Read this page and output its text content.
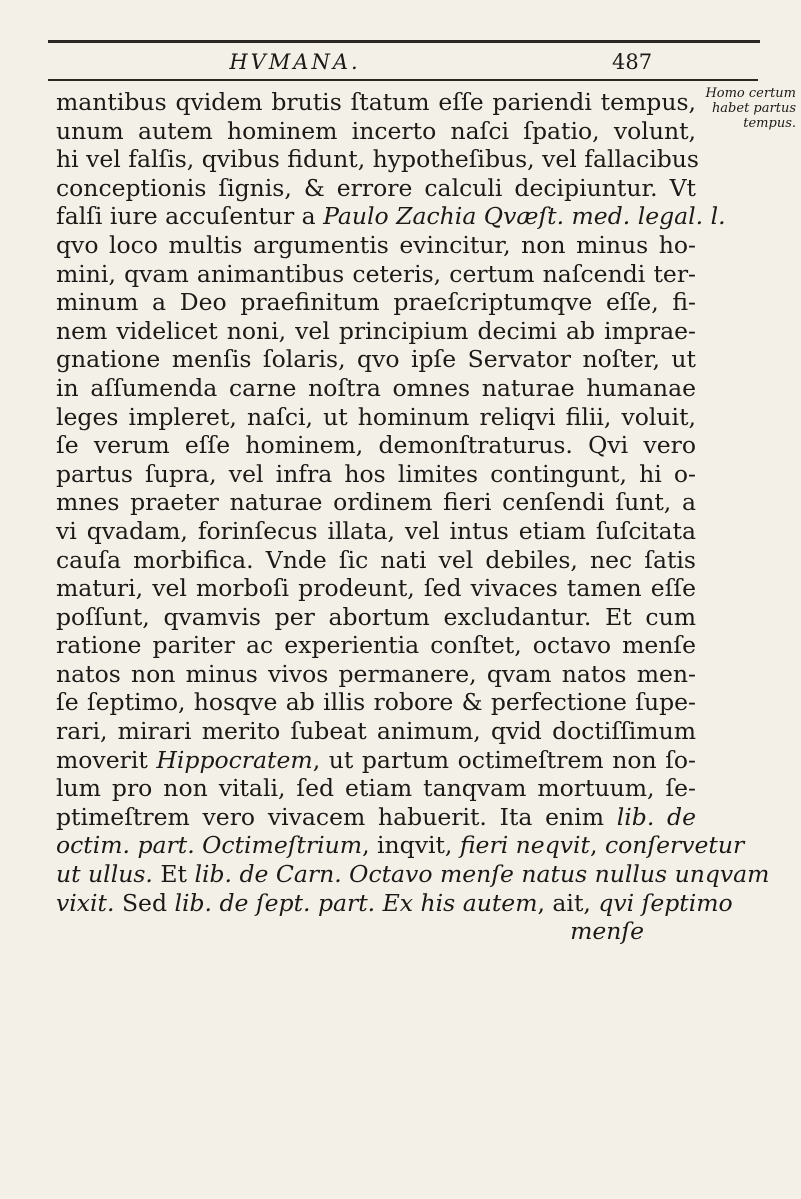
HVMANA.	487
Homo certum
habet partus
tempus.
mantibus qvidem brutis ſtatum eſſe pariendi tempus,
unum autem hominem incerto naſci ſpatio, volunt,
hi vel falſis, qvibus fidunt, hypotheſibus, vel fallacibus
conceptionis ſignis, & errore calculi decipiuntur. Vt
falſi iure accuſentur a Paulo Zachia Qvæſt. med. legal. l.
qvo loco multis argumentis evincitur, non minus ho-
mini, qvam animantibus ceteris, certum naſcendi ter-
minum a Deo praefinitum praeſcriptumqve eſſe, fi-
nem videlicet noni, vel principium decimi ab imprae-
gnatione menſis ſolaris, qvo ipſe Servator noſter, ut
in aſſumenda carne noſtra omnes naturae humanae
leges impleret, naſci, ut hominum reliqvi filii, voluit,
ſe verum eſſe hominem, demonſtraturus. Qvi vero
partus ſupra, vel infra hos limites contingunt, hi o-
mnes praeter naturae ordinem fieri cenſendi ſunt, a
vi qvadam, forinſecus illata, vel intus etiam ſuſcitata
cauſa morbifica. Vnde ſic nati vel debiles, nec ſatis
maturi, vel morboſi prodeunt, ſed vivaces tamen eſſe
poſſunt, qvamvis per abortum excludantur. Et cum
ratione pariter ac experientia conſtet, octavo menſe
natos non minus vivos permanere, qvam natos men-
ſe ſeptimo, hosqve ab illis robore & perfectione ſupe-
rari, mirari merito ſubeat animum, qvid doctiſſimum
moverit Hippocratem, ut partum octimeſtrem non ſo-
lum pro non vitali, ſed etiam tanqvam mortuum, ſe-
ptimeſtrem vero vivacem habuerit. Ita enim lib. de
octim. part. Octimeſtrium, inqvit, fieri neqvit, conſervetur
ut ullus. Et lib. de Carn. Octavo menſe natus nullus unqvam
vixit. Sed lib. de ſept. part. Ex his autem, ait, qvi ſeptimo
menſe
